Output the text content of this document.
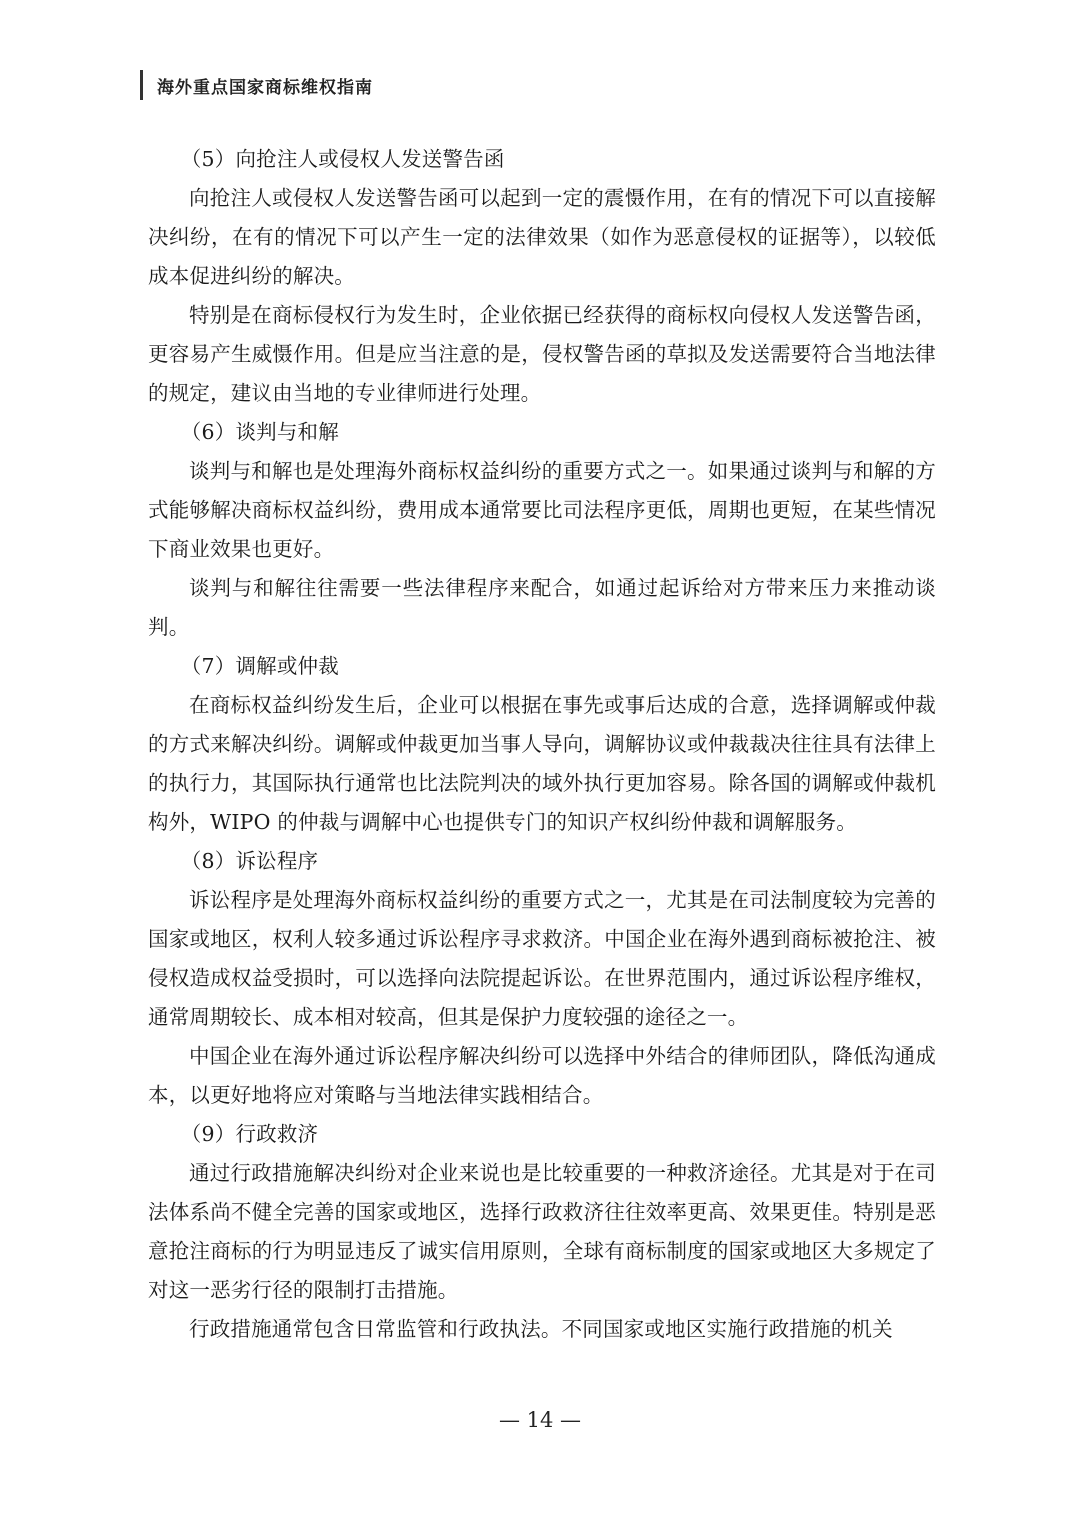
海外重点国家商标维权指南

（5）向抢注人或侵权人发送警告函

向抢注人或侵权人发送警告函可以起到一定的震慑作用，在有的情况下可以直接解决纠纷，在有的情况下可以产生一定的法律效果（如作为恶意侵权的证据等），以较低成本促进纠纷的解决。

特别是在商标侵权行为发生时，企业依据已经获得的商标权向侵权人发送警告函，更容易产生威慑作用。但是应当注意的是，侵权警告函的草拟及发送需要符合当地法律的规定，建议由当地的专业律师进行处理。

（6）谈判与和解

谈判与和解也是处理海外商标权益纠纷的重要方式之一。如果通过谈判与和解的方式能够解决商标权益纠纷，费用成本通常要比司法程序更低，周期也更短，在某些情况下商业效果也更好。

谈判与和解往往需要一些法律程序来配合，如通过起诉给对方带来压力来推动谈判。

（7）调解或仲裁

在商标权益纠纷发生后，企业可以根据在事先或事后达成的合意，选择调解或仲裁的方式来解决纠纷。调解或仲裁更加当事人导向，调解协议或仲裁裁决往往具有法律上的执行力，其国际执行通常也比法院判决的域外执行更加容易。除各国的调解或仲裁机构外，WIPO 的仲裁与调解中心也提供专门的知识产权纠纷仲裁和调解服务。

（8）诉讼程序

诉讼程序是处理海外商标权益纠纷的重要方式之一，尤其是在司法制度较为完善的国家或地区，权利人较多通过诉讼程序寻求救济。中国企业在海外遇到商标被抢注、被侵权造成权益受损时，可以选择向法院提起诉讼。在世界范围内，通过诉讼程序维权，通常周期较长、成本相对较高，但其是保护力度较强的途径之一。

中国企业在海外通过诉讼程序解决纠纷可以选择中外结合的律师团队，降低沟通成本，以更好地将应对策略与当地法律实践相结合。

（9）行政救济

通过行政措施解决纠纷对企业来说也是比较重要的一种救济途径。尤其是对于在司法体系尚不健全完善的国家或地区，选择行政救济往往效率更高、效果更佳。特别是恶意抢注商标的行为明显违反了诚实信用原则，全球有商标制度的国家或地区大多规定了对这一恶劣行径的限制打击措施。

行政措施通常包含日常监管和行政执法。不同国家或地区实施行政措施的机关

— 14 —
